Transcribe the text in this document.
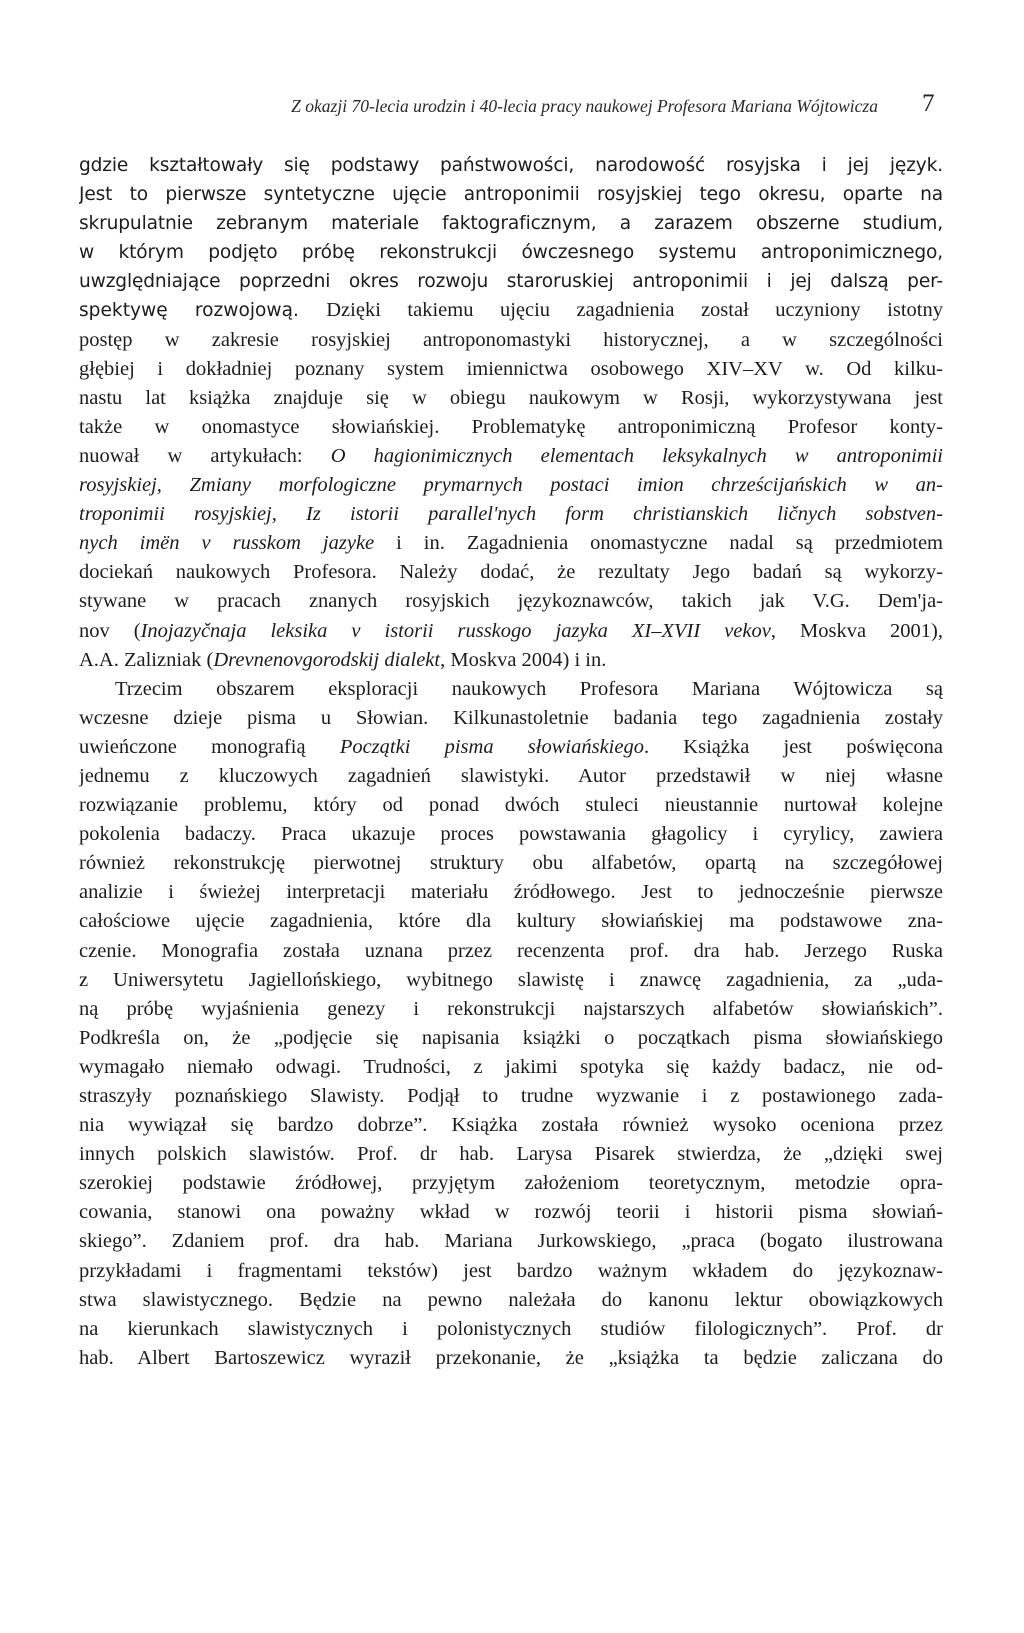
Z okazji 70-lecia urodzin i 40-lecia pracy naukowej Profesora Mariana Wójtowicza 7
gdzie kształtowały się podstawy państwowości, narodowość rosyjska i jej język.
Jest to pierwsze syntetyczne ujęcie antroponimii rosyjskiej tego okresu, oparte na
skrupulatnie zebranym materiale faktograficznym, a zarazem obszerne studium,
w którym podjęto próbę rekonstrukcji ówczesnego systemu antroponimicznego,
uwzględniające poprzedni okres rozwoju staroruskiej antroponimii i jej dalszą per-
spektywę rozwojową. Dzięki takiemu ujęciu zagadnienia został uczyniony istotny
postęp w zakresie rosyjskiej antroponomastyki historycznej, a w szczególności
głębiej i dokładniej poznany system imiennictwa osobowego XIV–XV w. Od kilku-
nastu lat książka znajduje się w obiegu naukowym w Rosji, wykorzystywana jest
także w onomastyce słowiańskiej. Problematykę antroponimiczną Profesor konty-
nuował w artykułach: O hagionimicznych elementach leksykalnych w antroponimii
rosyjskiej, Zmiany morfologiczne prymarnych postaci imion chrześcijańskich w an-
troponimii rosyjskiej, Iz istorii parallel'nych form christianskich ličnych sobstven-
nych imën v russkom jazyke i in. Zagadnienia onomastyczne nadal są przedmiotem
dociekań naukowych Profesora. Należy dodać, że rezultaty Jego badań są wykorzy-
stywane w pracach znanych rosyjskich językoznawców, takich jak V.G. Dem'ja-
nov (Inojazyčnaja leksika v istorii russkogo jazyka XI–XVII vekov, Moskva 2001),
A.A. Zalizniak (Drevnenovgorodskij dialekt, Moskva 2004) i in.
Trzecim obszarem eksploracji naukowych Profesora Mariana Wójtowicza są
wczesne dzieje pisma u Słowian. Kilkunastoletnie badania tego zagadnienia zostały
uwieńczone monografią Początki pisma słowiańskiego. Książka jest poświęcona
jednemu z kluczowych zagadnień slawistyki. Autor przedstawił w niej własne
rozwiązanie problemu, który od ponad dwóch stuleci nieustannie nurtował kolejne
pokolenia badaczy. Praca ukazuje proces powstawania głagolicy i cyrylicy, zawiera
również rekonstrukcję pierwotnej struktury obu alfabetów, opartą na szczegółowej
analizie i świeżej interpretacji materiału źródłowego. Jest to jednocześnie pierwsze
całościowe ujęcie zagadnienia, które dla kultury słowiańskiej ma podstawowe zna-
czenie. Monografia została uznana przez recenzenta prof. dra hab. Jerzego Ruska
z Uniwersytetu Jagiellońskiego, wybitnego slawistę i znawcę zagadnienia, za „uda-
ną próbę wyjaśnienia genezy i rekonstrukcji najstarszych alfabetów słowiańskich”.
Podkreśla on, że „podjęcie się napisania książki o początkach pisma słowiańskiego
wymagało niemało odwagi. Trudności, z jakimi spotyka się każdy badacz, nie od-
straszyły poznańskiego Slawisty. Podjął to trudne wyzwanie i z postawionego zada-
nia wywiązał się bardzo dobrze”. Książka została również wysoko oceniona przez
innych polskich slawistów. Prof. dr hab. Larysa Pisarek stwierdza, że „dzięki swej
szerokiej podstawie źródłowej, przyjętym założeniom teoretycznym, metodzie opra-
cowania, stanowi ona poważny wkład w rozwój teorii i historii pisma słowiań-
skiego”. Zdaniem prof. dra hab. Mariana Jurkowskiego, „praca (bogato ilustrowana
przykładami i fragmentami tekstów) jest bardzo ważnym wkładem do językoznaw-
stwa slawistycznego. Będzie na pewno należała do kanonu lektur obowiązkowych
na kierunkach slawistycznych i polonistycznych studiów filologicznych”. Prof. dr
hab. Albert Bartoszewicz wyraził przekonanie, że „książka ta będzie zaliczana do
